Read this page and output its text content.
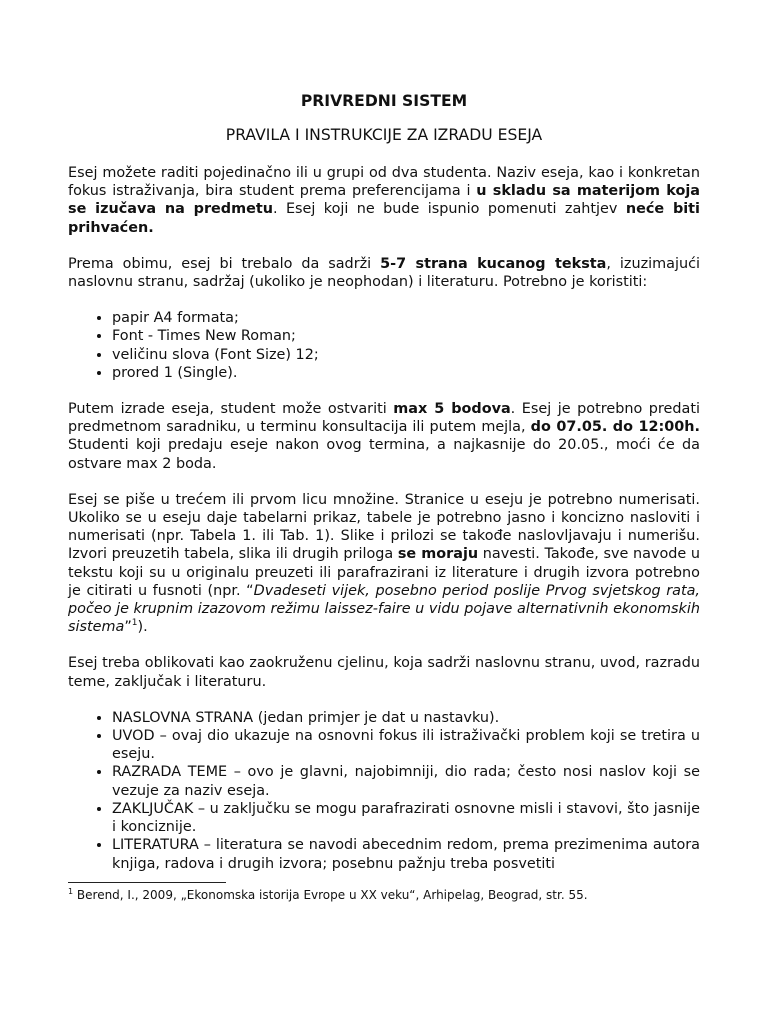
PRIVREDNI SISTEM
PRAVILA I INSTRUKCIJE ZA IZRADU ESEJA

Esej možete raditi pojedinačno ili u grupi od dva studenta. Naziv eseja, kao i konkretan fokus istraživanja, bira student prema preferencijama i u skladu sa materijom koja se izučava na predmetu. Esej koji ne bude ispunio pomenuti zahtjev neće biti prihvaćen.

Prema obimu, esej bi trebalo da sadrži 5-7 strana kucanog teksta, izuzimajući naslovnu stranu, sadržaj (ukoliko je neophodan) i literaturu. Potrebno je koristiti:

• papir A4 formata;
• Font - Times New Roman;
• veličinu slova (Font Size) 12;
• prored 1 (Single).

Putem izrade eseja, student može ostvariti max 5 bodova. Esej je potrebno predati predmetnom saradniku, u terminu konsultacija ili putem mejla, do 07.05. do 12:00h. Studenti koji predaju eseje nakon ovog termina, a najkasnije do 20.05., moći će da ostvare max 2 boda.

Esej se piše u trećem ili prvom licu množine. Stranice u eseju je potrebno numerisati. Ukoliko se u eseju daje tabelarni prikaz, tabele je potrebno jasno i koncizno nasloviti i numerisati (npr. Tabela 1. ili Tab. 1). Slike i prilozi se takođe naslovljavaju i numerišu. Izvori preuzetih tabela, slika ili drugih priloga se moraju navesti. Takođe, sve navode u tekstu koji su u originalu preuzeti ili parafrazirani iz literature i drugih izvora potrebno je citirati u fusnoti (npr. “Dvadeseti vijek, posebno period poslije Prvog svjetskog rata, počeo je krupnim izazovom režimu laissez-faire u vidu pojave alternativnih ekonomskih sistema”$^1$).

Esej treba oblikovati kao zaokruženu cjelinu, koja sadrži naslovnu stranu, uvod, razradu teme, zaključak i literaturu.

• NASLOVNA STRANA (jedan primjer je dat u nastavku).
• UVOD – ovaj dio ukazuje na osnovni fokus ili istraživački problem koji se tretira u eseju.
• RAZRADA TEME – ovo je glavni, najobimniji, dio rada; često nosi naslov koji se vezuje za naziv eseja.
• ZAKLJUČAK – u zaključku se mogu parafrazirati osnovne misli i stavovi, što jasnije i konciznije.
• LITERATURA – literatura se navodi abecednim redom, prema prezimenima autora knjiga, radova i drugih izvora; posebnu pažnju treba posvetiti
$^1$ Berend, I., 2009, „Ekonomska istorija Evrope u XX veku“, Arhipelag, Beograd, str. 55.
